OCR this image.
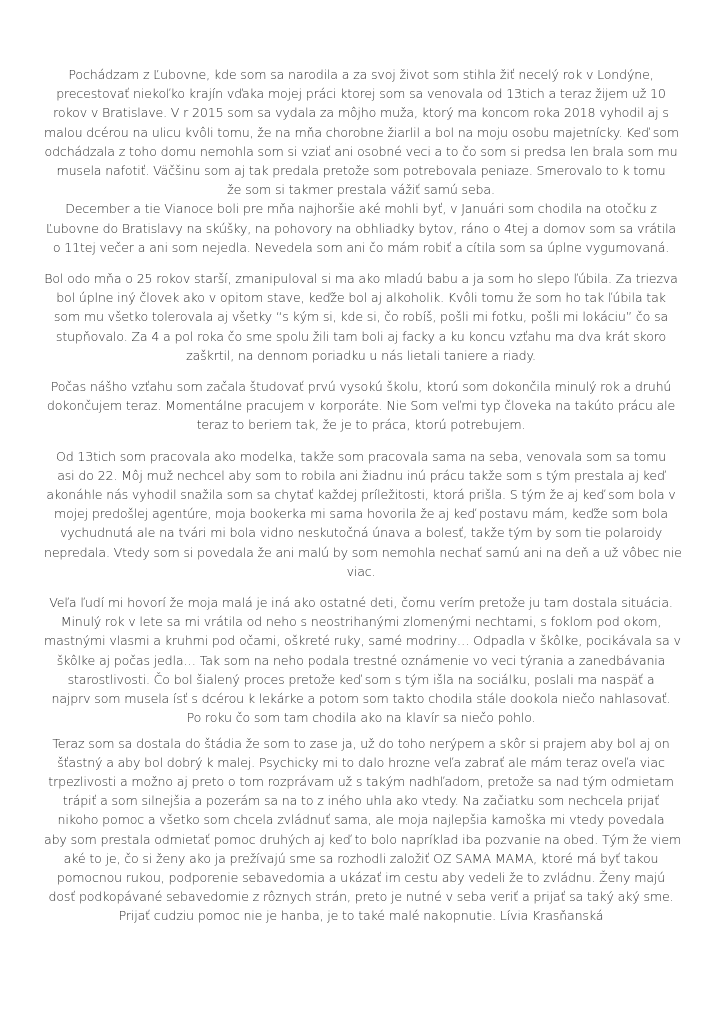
Pochádzam z Ľubovne, kde som sa narodila a za svoj život som stihla žiť necelý rok v Londýne,
precestovať niekoľko krajín vďaka mojej práci ktorej som sa venovala od 13tich a teraz žijem už 10
rokov v Bratislave. V r 2015 som sa vydala za môjho muža, ktorý ma koncom roka 2018 vyhodil aj s
malou dcérou na ulicu kvôli tomu, že na mňa chorobne žiarlil a bol na moju osobu majetnícky. Keď som
odchádzala z toho domu nemohla som si vziať ani osobné veci a to čo som si predsa len brala som mu
musela nafotiť. Väčšinu som aj tak predala pretože som potrebovala peniaze. Smerovalo to k tomu
že som si takmer prestala vážiť samú seba.
December a tie Vianoce boli pre mňa najhoršie aké mohli byť, v Januári som chodila na otočku z
Ľubovne do Bratislavy na skúšky, na pohovory na obhliadky bytov, ráno o 4tej a domov som sa vrátila
o 11tej večer a ani som nejedla. Nevedela som ani čo mám robiť a cítila som sa úplne vygumovaná.
Bol odo mňa o 25 rokov starší, zmanipuloval si ma ako mladú babu a ja som ho slepo ľúbila. Za triezva
bol úplne iný človek ako v opitom stave, keďže bol aj alkoholik. Kvôli tomu že som ho tak ľúbila tak
som mu všetko tolerovala aj všetky “s kým si, kde si, čo robíš, pošli mi fotku, pošli mi lokáciu” čo sa
stupňovalo. Za 4 a pol roka čo sme spolu žili tam boli aj facky a ku koncu vzťahu ma dva krát skoro
zaškrtil, na dennom poriadku u nás lietali taniere a riady.
Počas nášho vzťahu som začala študovať prvú vysokú školu, ktorú som dokončila minulý rok a druhú
dokončujem teraz. Momentálne pracujem v korporáte. Nie Som veľmi typ človeka na takúto prácu ale
teraz to beriem tak, že je to práca, ktorú potrebujem.
Od 13tich som pracovala ako modelka, takže som pracovala sama na seba, venovala som sa tomu
asi do 22. Môj muž nechcel aby som to robila ani žiadnu inú prácu takže som s tým prestala aj keď
akonáhle nás vyhodil snažila som sa chytať každej príležitosti, ktorá prišla. S tým že aj keď som bola v
mojej predošlej agentúre, moja bookerka mi sama hovorila že aj keď postavu mám, keďže som bola
vychudnutá ale na tvári mi bola vidno neskutočná únava a bolesť, takže tým by som tie polaroidy
nepredala. Vtedy som si povedala že ani malú by som nemohla nechať samú ani na deň a už vôbec nie
viac.
Veľa ľudí mi hovorí že moja malá je iná ako ostatné deti, čomu verím pretože ju tam dostala situácia.
Minulý rok v lete sa mi vrátila od neho s neostrihanými zlomenými nechtami, s foklom pod okom,
mastnými vlasmi a kruhmi pod očami, oškreté ruky, samé modriny… Odpadla v škôlke, pocikávala sa v
škôlke aj počas jedla… Tak som na neho podala trestné oznámenie vo veci týrania a zanedbávania
starostlivosti. Čo bol šialený proces pretože keď som s tým išla na sociálku, poslali ma naspäť a
najprv som musela ísť s dcérou k lekárke a potom som takto chodila stále dookola niečo nahlasovať.
Po roku čo som tam chodila ako na klavír sa niečo pohlo.
Teraz som sa dostala do štádia že som to zase ja, už do toho nerýpem a skôr si prajem aby bol aj on
šťastný a aby bol dobrý k malej. Psychicky mi to dalo hrozne veľa zabrať ale mám teraz oveľa viac
trpezlivosti a možno aj preto o tom rozprávam už s takým nadhľadom, pretože sa nad tým odmietam
trápiť a som silnejšia a pozerám sa na to z iného uhla ako vtedy. Na začiatku som nechcela prijať
nikoho pomoc a všetko som chcela zvládnuť sama, ale moja najlepšia kamoška mi vtedy povedala
aby som prestala odmietať pomoc druhých aj keď to bolo napríklad iba pozvanie na obed. Tým že viem
aké to je, čo si ženy ako ja prežívajú sme sa rozhodli založiť OZ SAMA MAMA, ktoré má byť takou
pomocnou rukou, podporenie sebavedomia a ukázať im cestu aby vedeli že to zvládnu. Ženy majú
dosť podkopávané sebavedomie z rôznych strán, preto je nutné v seba veriť a prijať sa taký aký sme.
Prijať cudziu pomoc nie je hanba, je to také malé nakopnutie. Lívia Krasňanská
